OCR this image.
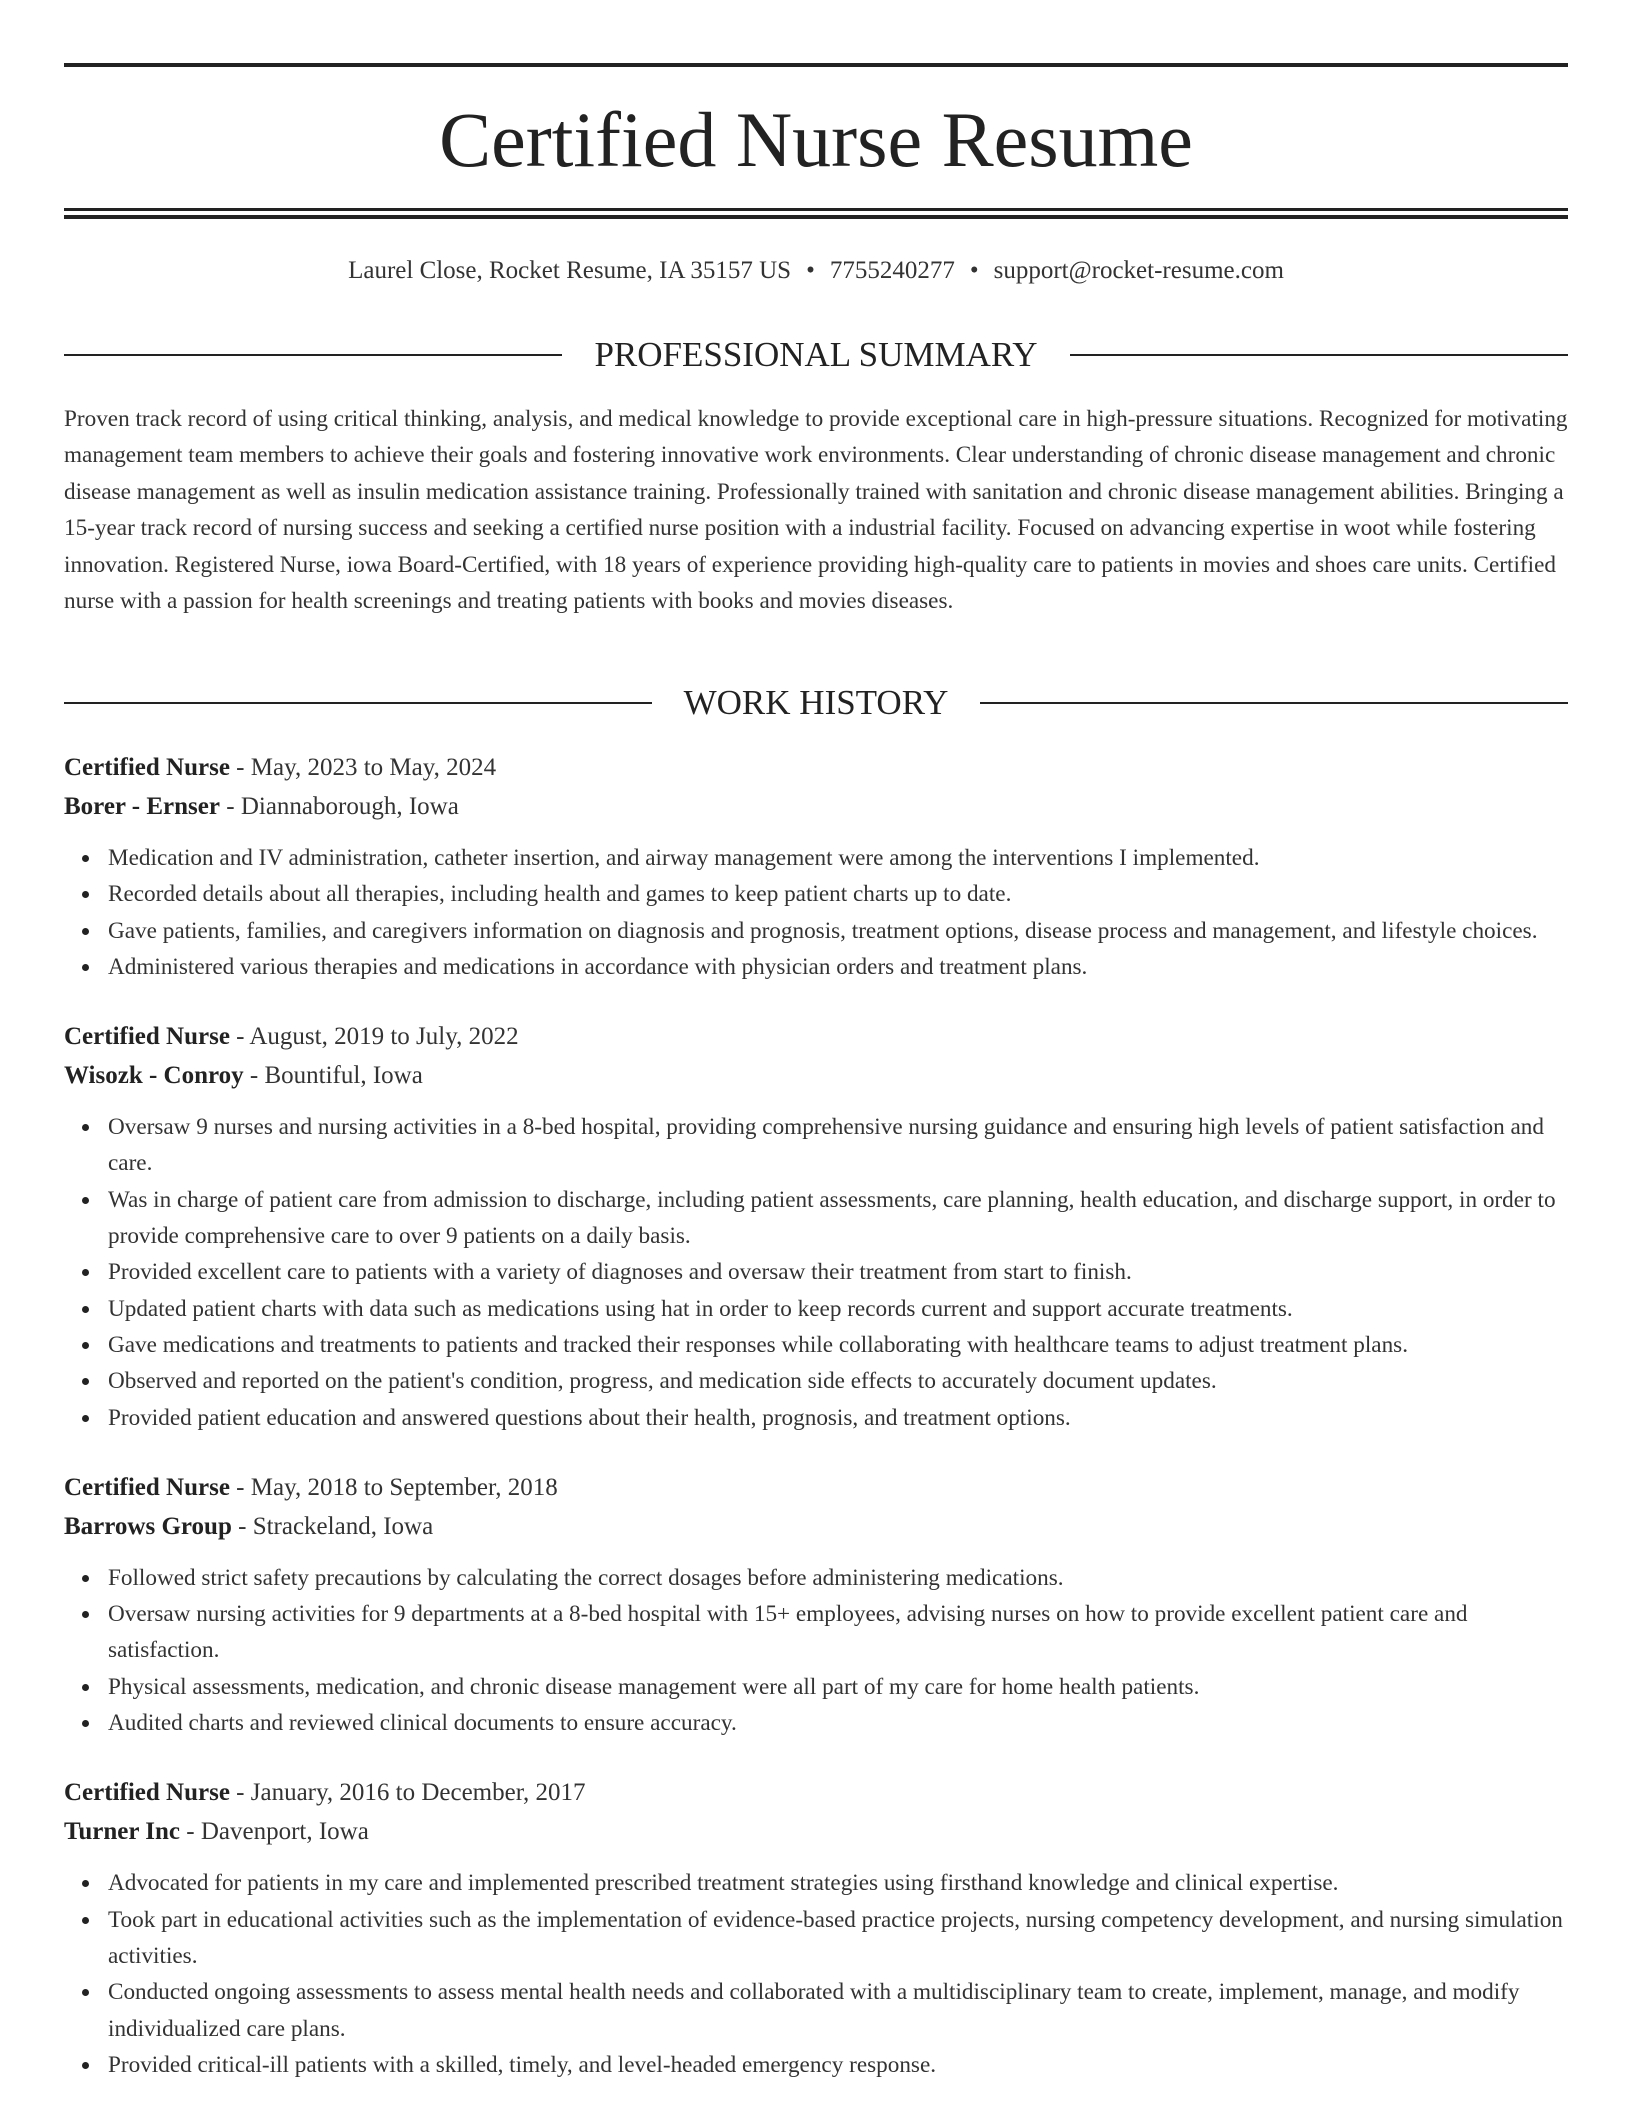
Certified Nurse Resume
Laurel Close, Rocket Resume, IA 35157 US • 7755240277 • support@rocket-resume.com
PROFESSIONAL SUMMARY

Proven track record of using critical thinking, analysis, and medical knowledge to provide exceptional care in high-pressure situations. Recognized for motivating management team members to achieve their goals and fostering innovative work environments. Clear understanding of chronic disease management and chronic disease management as well as insulin medication assistance training. Professionally trained with sanitation and chronic disease management abilities. Bringing a 15-year track record of nursing success and seeking a certified nurse position with a industrial facility. Focused on advancing expertise in woot while fostering innovation. Registered Nurse, iowa Board-Certified, with 18 years of experience providing high-quality care to patients in movies and shoes care units. Certified nurse with a passion for health screenings and treating patients with books and movies diseases.

WORK HISTORY

Certified Nurse - May, 2023 to May, 2024

Borer - Ernser - Diannaborough, Iowa

Medication and IV administration, catheter insertion, and airway management were among the interventions I implemented.
Recorded details about all therapies, including health and games to keep patient charts up to date.
Gave patients, families, and caregivers information on diagnosis and prognosis, treatment options, disease process and management, and lifestyle choices.
Administered various therapies and medications in accordance with physician orders and treatment plans.

Certified Nurse - August, 2019 to July, 2022

Wisozk - Conroy - Bountiful, Iowa

Oversaw 9 nurses and nursing activities in a 8-bed hospital, providing comprehensive nursing guidance and ensuring high levels of patient satisfaction and care.
Was in charge of patient care from admission to discharge, including patient assessments, care planning, health education, and discharge support, in order to provide comprehensive care to over 9 patients on a daily basis.
Provided excellent care to patients with a variety of diagnoses and oversaw their treatment from start to finish.
Updated patient charts with data such as medications using hat in order to keep records current and support accurate treatments.
Gave medications and treatments to patients and tracked their responses while collaborating with healthcare teams to adjust treatment plans.
Observed and reported on the patient's condition, progress, and medication side effects to accurately document updates.
Provided patient education and answered questions about their health, prognosis, and treatment options.

Certified Nurse - May, 2018 to September, 2018

Barrows Group - Strackeland, Iowa

Followed strict safety precautions by calculating the correct dosages before administering medications.
Oversaw nursing activities for 9 departments at a 8-bed hospital with 15+ employees, advising nurses on how to provide excellent patient care and satisfaction.
Physical assessments, medication, and chronic disease management were all part of my care for home health patients.
Audited charts and reviewed clinical documents to ensure accuracy.

Certified Nurse - January, 2016 to December, 2017

Turner Inc - Davenport, Iowa

Advocated for patients in my care and implemented prescribed treatment strategies using firsthand knowledge and clinical expertise.
Took part in educational activities such as the implementation of evidence-based practice projects, nursing competency development, and nursing simulation activities.
Conducted ongoing assessments to assess mental health needs and collaborated with a multidisciplinary team to create, implement, manage, and modify individualized care plans.
Provided critical-ill patients with a skilled, timely, and level-headed emergency response.
